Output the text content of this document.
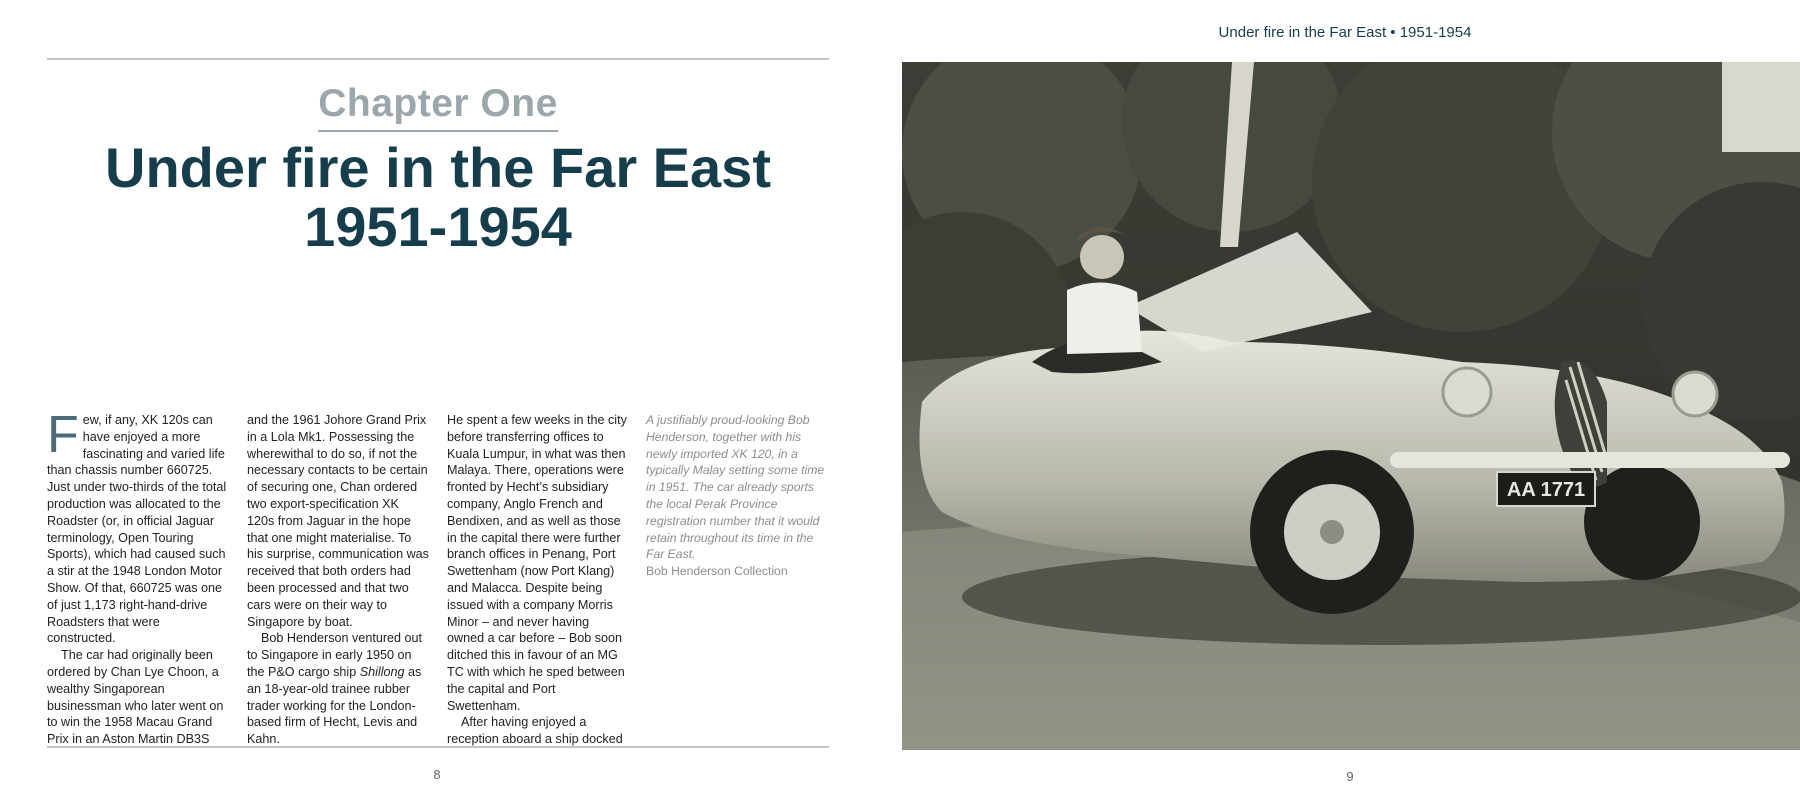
Chapter One
Under fire in the Far East
1951-1954

Few, if any, XK 120s can have enjoyed a more fascinating and varied life than chassis number 660725. Just under two-thirds of the total production was allocated to the Roadster (or, in official Jaguar terminology, Open Touring Sports), which had caused such a stir at the 1948 London Motor Show. Of that, 660725 was one of just 1,173 right-hand-drive Roadsters that were constructed.

The car had originally been ordered by Chan Lye Choon, a wealthy Singaporean businessman who later went on to win the 1958 Macau Grand Prix in an Aston Martin DB3S

and the 1961 Johore Grand Prix in a Lola Mk1. Possessing the wherewithal to do so, if not the necessary contacts to be certain of securing one, Chan ordered two export-specification XK 120s from Jaguar in the hope that one might materialise. To his surprise, communication was received that both orders had been processed and that two cars were on their way to Singapore by boat.

Bob Henderson ventured out to Singapore in early 1950 on the P&O cargo ship Shillong as an 18-year-old trainee rubber trader working for the London-based firm of Hecht, Levis and Kahn.

He spent a few weeks in the city before transferring offices to Kuala Lumpur, in what was then Malaya. There, operations were fronted by Hecht’s subsidiary company, Anglo French and Bendixen, and as well as those in the capital there were further branch offices in Penang, Port Swettenham (now Port Klang) and Malacca. Despite being issued with a company Morris Minor – and never having owned a car before – Bob soon ditched this in favour of an MG TC with which he sped between the capital and Port Swettenham.

After having enjoyed a reception aboard a ship docked

A justifiably proud-looking Bob Henderson, together with his newly imported XK 120, in a typically Malay setting some time in 1951. The car already sports the local Perak Province registration number that it would retain throughout its time in the Far East.

Bob Henderson Collection

8
Under fire in the Far East • 1951-1954
AA 1771
9
